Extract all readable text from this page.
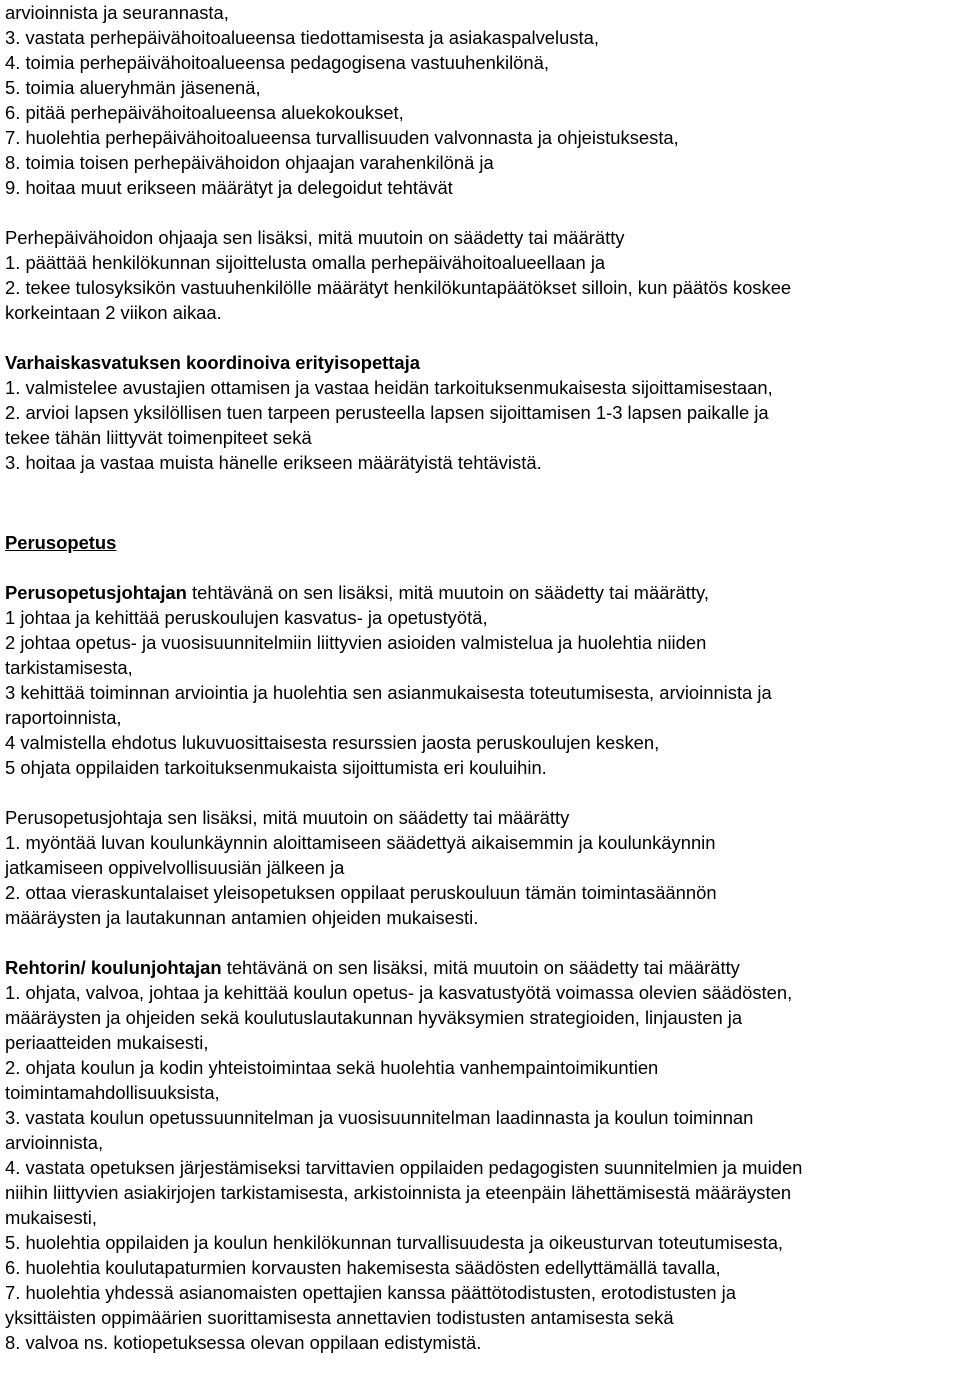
arvioinnista ja seurannasta,
3. vastata perhepäivähoitoalueensa tiedottamisesta ja asiakaspalvelusta,
4. toimia perhepäivähoitoalueensa pedagogisena vastuuhenkilönä,
5. toimia alueryhmän jäsenenä,
6. pitää perhepäivähoitoalueensa aluekokoukset,
7. huolehtia perhepäivähoitoalueensa turvallisuuden valvonnasta ja ohjeistuksesta,
8. toimia toisen perhepäivähoidon ohjaajan varahenkilönä ja
9. hoitaa muut erikseen määrätyt ja delegoidut tehtävät
Perhepäivähoidon ohjaaja sen lisäksi, mitä muutoin on säädetty tai määrätty
1. päättää henkilökunnan sijoittelusta omalla perhepäivähoitoalueellaan ja
2. tekee tulosyksikön vastuuhenkilölle määrätyt henkilökuntapäätökset silloin, kun päätös koskee
korkeintaan 2 viikon aikaa.
Varhaiskasvatuksen koordinoiva erityisopettaja
1. valmistelee avustajien ottamisen ja vastaa heidän tarkoituksenmukaisesta sijoittamisestaan,
2. arvioi lapsen yksilöllisen tuen tarpeen perusteella lapsen sijoittamisen 1-3 lapsen paikalle ja
tekee tähän liittyvät toimenpiteet sekä
3. hoitaa ja vastaa muista hänelle erikseen määrätyistä tehtävistä.
Perusopetus
Perusopetusjohtajan tehtävänä on sen lisäksi, mitä muutoin on säädetty tai määrätty,
1 johtaa ja kehittää peruskoulujen kasvatus- ja opetustyötä,
2 johtaa opetus- ja vuosisuunnitelmiin liittyvien asioiden valmistelua ja huolehtia niiden
tarkistamisesta,
3 kehittää toiminnan arviointia ja huolehtia sen asianmukaisesta toteutumisesta, arvioinnista ja
raportoinnista,
4 valmistella ehdotus lukuvuosittaisesta resurssien jaosta peruskoulujen kesken,
5 ohjata oppilaiden tarkoituksenmukaista sijoittumista eri kouluihin.
Perusopetusjohtaja sen lisäksi, mitä muutoin on säädetty tai määrätty
1. myöntää luvan koulunkäynnin aloittamiseen säädettyä aikaisemmin ja koulunkäynnin
jatkamiseen oppivelvollisuusiän jälkeen ja
2. ottaa vieraskuntalaiset yleisopetuksen oppilaat peruskouluun tämän toimintasäännön
määräysten ja lautakunnan antamien ohjeiden mukaisesti.
Rehtorin/ koulunjohtajan tehtävänä on sen lisäksi, mitä muutoin on säädetty tai määrätty
1. ohjata, valvoa, johtaa ja kehittää koulun opetus- ja kasvatustyötä voimassa olevien säädösten,
määräysten ja ohjeiden sekä koulutuslautakunnan hyväksymien strategioiden, linjausten ja
periaatteiden mukaisesti,
2. ohjata koulun ja kodin yhteistoimintaa sekä huolehtia vanhempaintoimikuntien
toimintamahdollisuuksista,
3. vastata koulun opetussuunnitelman ja vuosisuunnitelman laadinnasta ja koulun toiminnan
arvioinnista,
4. vastata opetuksen järjestämiseksi tarvittavien oppilaiden pedagogisten suunnitelmien ja muiden
niihin liittyvien asiakirjojen tarkistamisesta, arkistoinnista ja eteenpäin lähettämisestä määräysten
mukaisesti,
5. huolehtia oppilaiden ja koulun henkilökunnan turvallisuudesta ja oikeusturvan toteutumisesta,
6. huolehtia koulutapaturmien korvausten hakemisesta säädösten edellyttämällä tavalla,
7. huolehtia yhdessä asianomaisten opettajien kanssa päättötodistusten, erotodistusten ja
yksittäisten oppimäärien suorittamisesta annettavien todistusten antamisesta sekä
8. valvoa ns. kotiopetuksessa olevan oppilaan edistymistä.
